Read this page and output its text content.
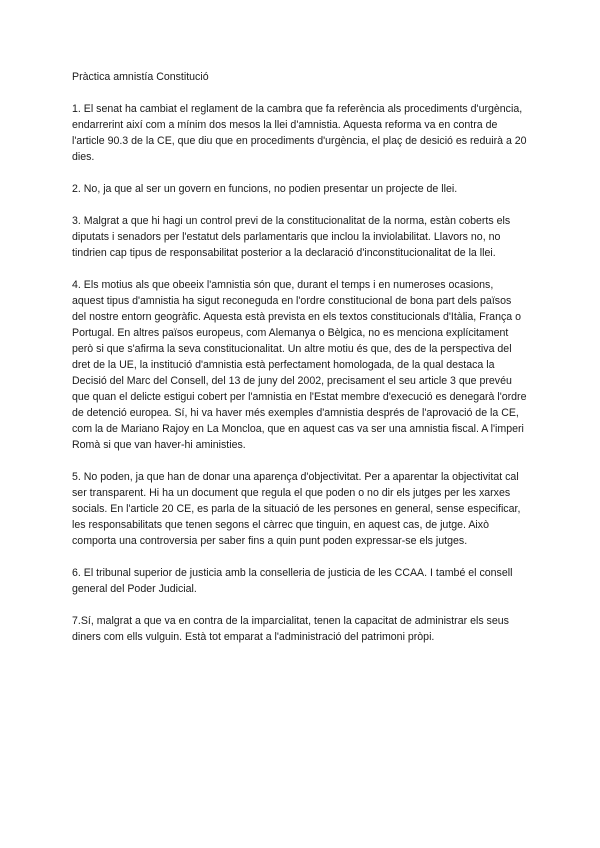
Pràctica amnistía Constitució

1. El senat ha cambiat el reglament de la cambra que fa referència als procediments d'urgència, endarrerint així com a mínim dos mesos la llei d'amnistia. Aquesta reforma va en contra de l'article 90.3 de la CE, que diu que en procediments d'urgència, el plaç de desició es reduirà a 20 dies.

2. No, ja que al ser un govern en funcions, no podien presentar un projecte de llei.

3. Malgrat a que hi hagi un control previ de la constitucionalitat de la norma, estàn coberts els diputats i senadors per l'estatut dels parlamentaris que inclou la inviolabilitat. Llavors no, no tindrien cap tipus de responsabilitat posterior a la declaració d'inconstitucionalitat de la llei.

4. Els motius als que obeeix l'amnistia són que, durant el temps i en numeroses ocasions, aquest tipus d'amnistia ha sigut reconeguda en l'ordre constitucional de bona part dels països del nostre entorn geogràfic. Aquesta està prevista en els textos constitucionals d'Itàlia, França o Portugal. En altres països europeus, com Alemanya o Bèlgica, no es menciona explícitament però si que s'afirma la seva constitucionalitat. Un altre motiu és que, des de la perspectiva del dret de la UE, la institució d'amnistia està perfectament homologada, de la qual destaca la Decisió del Marc del Consell, del 13 de juny del 2002, precisament el seu article 3 que prevéu que quan el delicte estigui cobert per l'amnistia en l'Estat membre d'execució es denegarà l'ordre de detenció europea. Sí, hi va haver més exemples d'amnistia després de l'aprovació de la CE, com la de Mariano Rajoy en La Moncloa, que en aquest cas va ser una amnistia fiscal. A l'imperi Romà si que van haver-hi aministies.

5. No poden, ja que han de donar una aparença d'objectivitat. Per a aparentar la objectivitat cal ser transparent. Hi ha un document que regula el que poden o no dir els jutges per les xarxes socials. En l'article 20 CE, es parla de la situació de les persones en general, sense especificar, les responsabilitats que tenen segons el càrrec que tinguin, en aquest cas, de jutge. Això comporta una controversia per saber fins a quin punt poden expressar-se els jutges.

6. El tribunal superior de justicia amb la conselleria de justicia de les CCAA. I també el consell general del Poder Judicial.

7.Sí, malgrat a que va en contra de la imparcialitat, tenen la capacitat de administrar els seus diners com ells vulguin. Està tot emparat a l'administració del patrimoni pròpi.
